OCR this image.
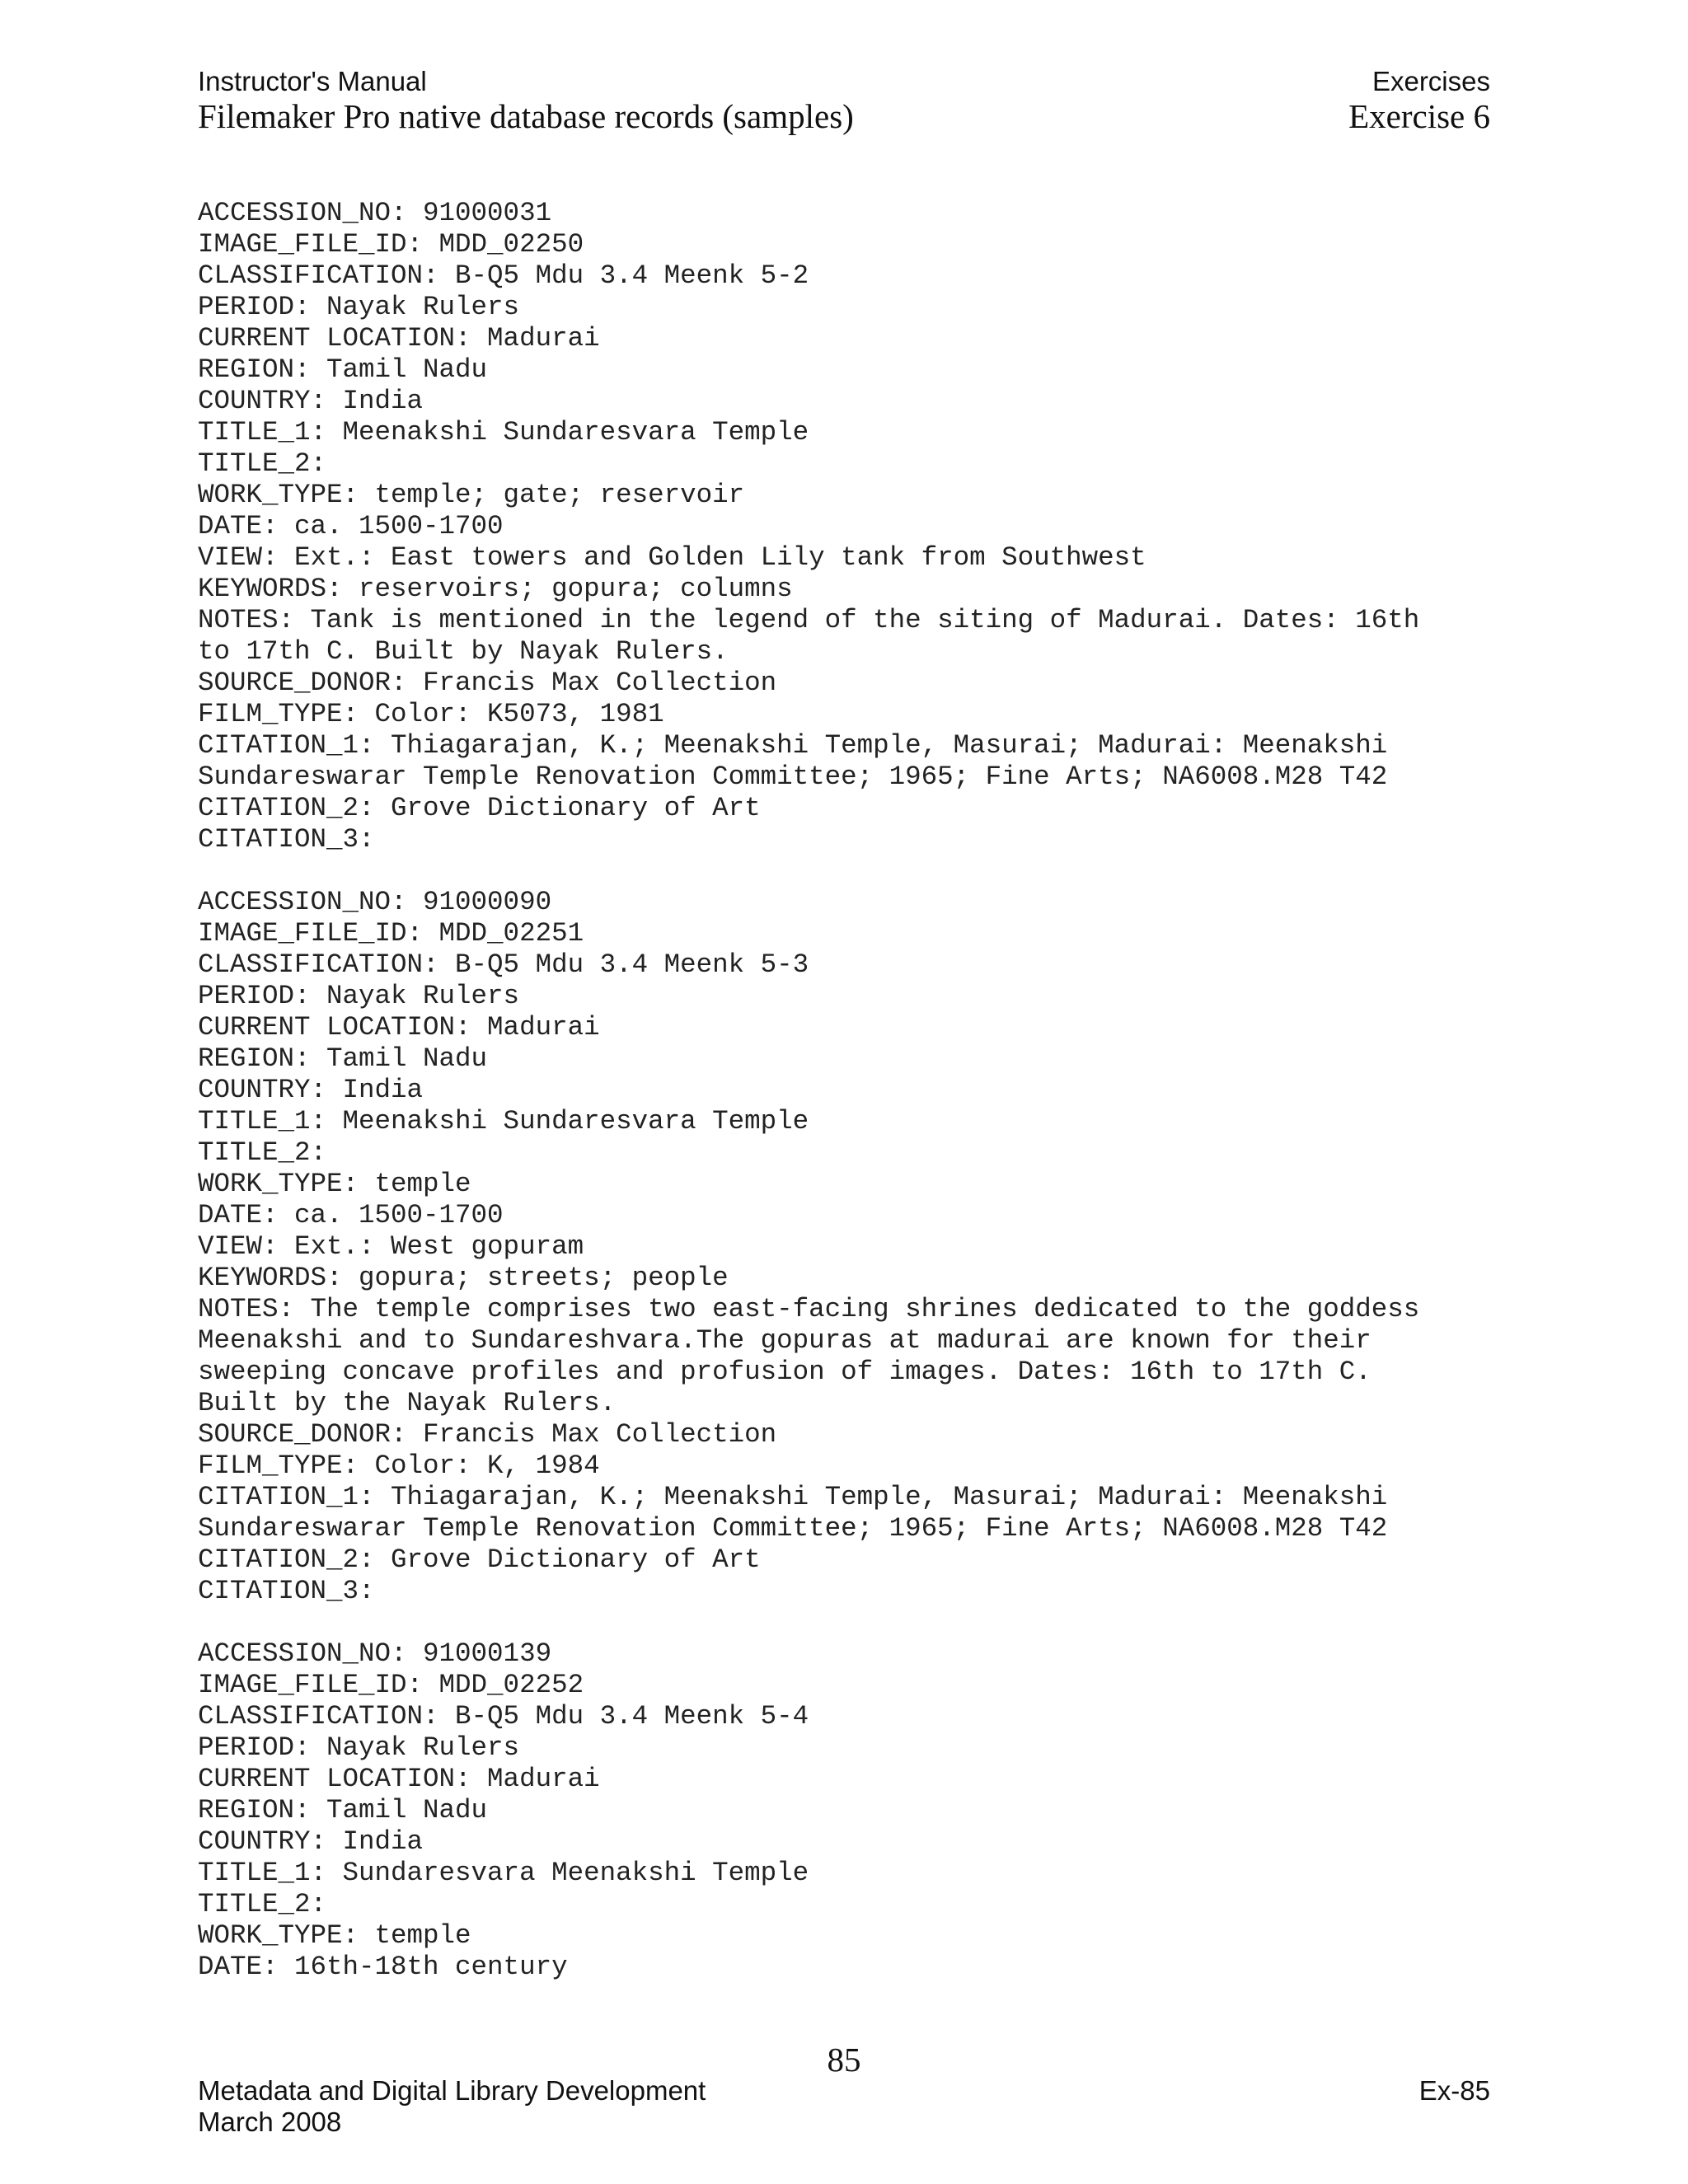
Instructor's Manual	Exercises
Filemaker Pro native database records (samples)	Exercise 6
ACCESSION_NO: 91000031
IMAGE_FILE_ID: MDD_02250
CLASSIFICATION: B-Q5 Mdu 3.4 Meenk 5-2
PERIOD: Nayak Rulers
CURRENT LOCATION: Madurai
REGION: Tamil Nadu
COUNTRY: India
TITLE_1: Meenakshi Sundaresvara Temple
TITLE_2:
WORK_TYPE: temple; gate; reservoir
DATE: ca. 1500-1700
VIEW: Ext.: East towers and Golden Lily tank from Southwest
KEYWORDS: reservoirs; gopura; columns
NOTES: Tank is mentioned in the legend of the siting of Madurai. Dates: 16th
to 17th C. Built by Nayak Rulers.
SOURCE_DONOR: Francis Max Collection
FILM_TYPE: Color: K5073, 1981
CITATION_1: Thiagarajan, K.; Meenakshi Temple, Masurai; Madurai: Meenakshi
Sundareswarar Temple Renovation Committee; 1965; Fine Arts; NA6008.M28 T42
CITATION_2: Grove Dictionary of Art
CITATION_3:
ACCESSION_NO: 91000090
IMAGE_FILE_ID: MDD_02251
CLASSIFICATION: B-Q5 Mdu 3.4 Meenk 5-3
PERIOD: Nayak Rulers
CURRENT LOCATION: Madurai
REGION: Tamil Nadu
COUNTRY: India
TITLE_1: Meenakshi Sundaresvara Temple
TITLE_2:
WORK_TYPE: temple
DATE: ca. 1500-1700
VIEW: Ext.: West gopuram
KEYWORDS: gopura; streets; people
NOTES: The temple comprises two east-facing shrines dedicated to the goddess
Meenakshi and to Sundareshvara.The gopuras at madurai are known for their
sweeping concave profiles and profusion of images. Dates: 16th to 17th C.
Built by the Nayak Rulers.
SOURCE_DONOR: Francis Max Collection
FILM_TYPE: Color: K, 1984
CITATION_1: Thiagarajan, K.; Meenakshi Temple, Masurai; Madurai: Meenakshi
Sundareswarar Temple Renovation Committee; 1965; Fine Arts; NA6008.M28 T42
CITATION_2: Grove Dictionary of Art
CITATION_3:
ACCESSION_NO: 91000139
IMAGE_FILE_ID: MDD_02252
CLASSIFICATION: B-Q5 Mdu 3.4 Meenk 5-4
PERIOD: Nayak Rulers
CURRENT LOCATION: Madurai
REGION: Tamil Nadu
COUNTRY: India
TITLE_1: Sundaresvara Meenakshi Temple
TITLE_2:
WORK_TYPE: temple
DATE: 16th-18th century
85
Metadata and Digital Library Development
March 2008
Ex-85
